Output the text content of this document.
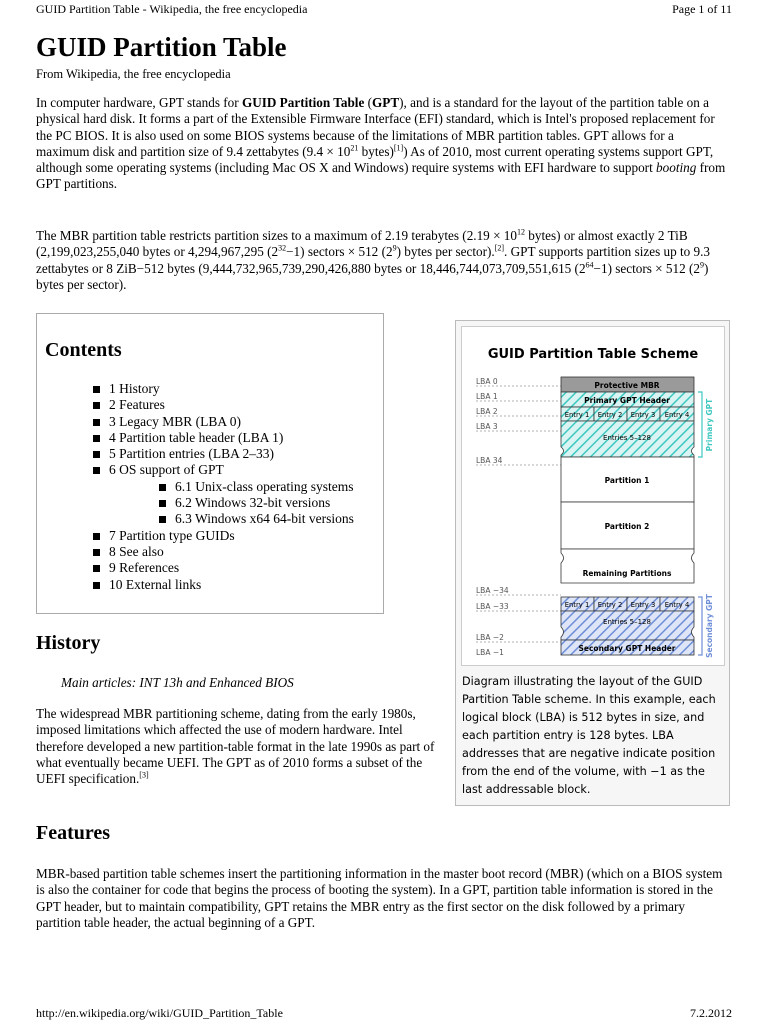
GUID Partition Table - Wikipedia, the free encyclopedia	Page 1 of 11
GUID Partition Table
From Wikipedia, the free encyclopedia

In computer hardware, GPT stands for GUID Partition Table (GPT), and is a standard for the layout of the partition table on a physical hard disk. It forms a part of the Extensible Firmware Interface (EFI) standard, which is Intel's proposed replacement for the PC BIOS. It is also used on some BIOS systems because of the limitations of MBR partition tables. GPT allows for a maximum disk and partition size of 9.4 zettabytes ($9.4 \times 10^{21}$ bytes)[1]) As of 2010, most current operating systems support GPT, although some operating systems (including Mac OS X and Windows) require systems with EFI hardware to support booting from GPT partitions.

The MBR partition table restricts partition sizes to a maximum of 2.19 terabytes ($2.19 \times 10^{12}$ bytes) or almost exactly 2 TiB (2,199,023,255,040 bytes or 4,294,967,295 $(2^{32}-1)$ sectors × 512 $(2^9)$ bytes per sector).[2]. GPT supports partition sizes up to 9.3 zettabytes or 8 ZiB−512 bytes (9,444,732,965,739,290,426,880 bytes or 18,446,744,073,709,551,615 $(2^{64}-1)$ sectors × 512 $(2^9)$ bytes per sector).

Contents
1 History
2 Features
3 Legacy MBR (LBA 0)
4 Partition table header (LBA 1)
5 Partition entries (LBA 2–33)
6 OS support of GPT
6.1 Unix-class operating systems
6.2 Windows 32-bit versions
6.3 Windows x64 64-bit versions
7 Partition type GUIDs
8 See also
9 References
10 External links
GUID Partition Table Scheme
LBA 0
LBA 1
LBA 2
LBA 3
LBA 34
LBA −34
LBA −33
LBA −2
LBA −1
Protective MBR
Primary GPT Header
Entry 1 Entry 2 Entry 3 Entry 4
Entries 5–128
Partition 1
Partition 2
Remaining Partitions
Entry 1 Entry 2 Entry 3 Entry 4
Entries 5–128
Secondary GPT Header
Primary GPT
Secondary GPT
Diagram illustrating the layout of the GUID Partition Table scheme. In this example, each logical block (LBA) is 512 bytes in size, and each partition entry is 128 bytes. LBA addresses that are negative indicate position from the end of the volume, with −1 as the last addressable block.
History
Main articles: INT 13h and Enhanced BIOS

The widespread MBR partitioning scheme, dating from the early 1980s, imposed limitations which affected the use of modern hardware. Intel therefore developed a new partition-table format in the late 1990s as part of what eventually became UEFI. The GPT as of 2010 forms a subset of the UEFI specification.[3]

Features

MBR-based partition table schemes insert the partitioning information in the master boot record (MBR) (which on a BIOS system is also the container for code that begins the process of booting the system). In a GPT, partition table information is stored in the GPT header, but to maintain compatibility, GPT retains the MBR entry as the first sector on the disk followed by a primary partition table header, the actual beginning of a GPT.

http://en.wikipedia.org/wiki/GUID_Partition_Table	7.2.2012
